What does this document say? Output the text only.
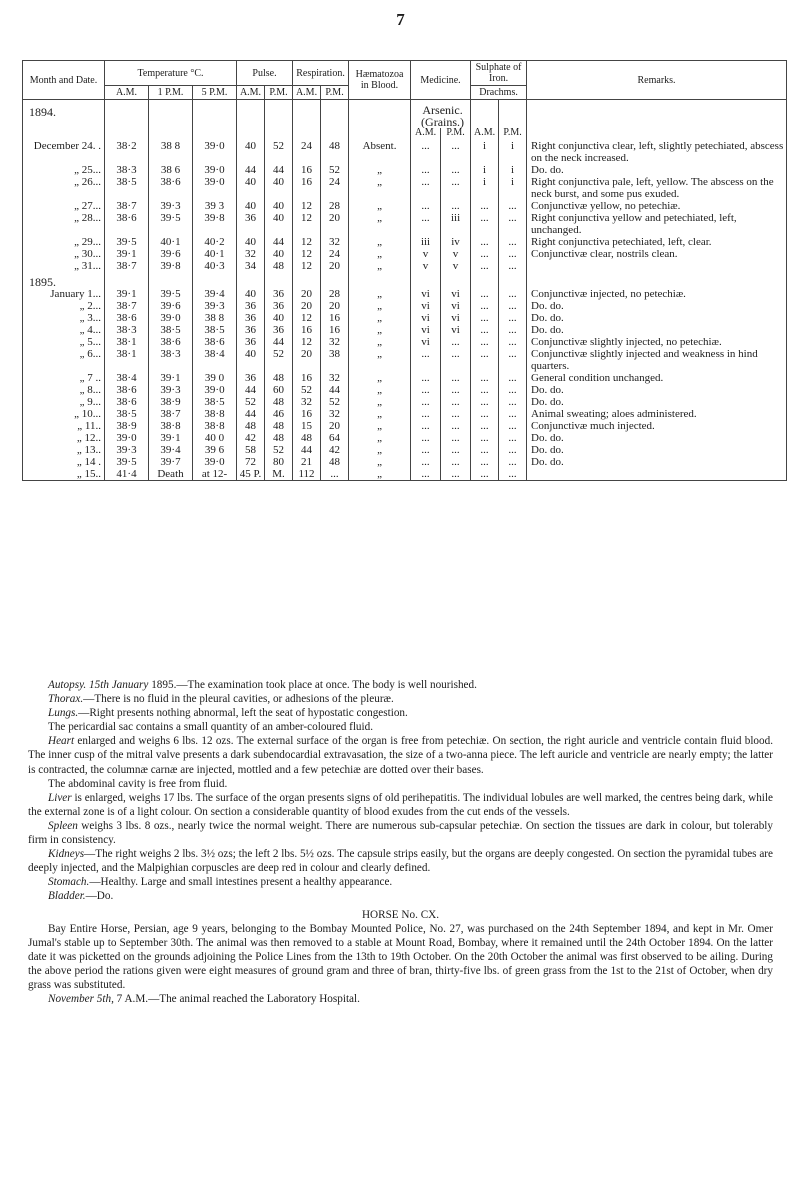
7
Month and Date.	Temperature °C.			Pulse.		Respiration.		Hæmatozoa in Blood.	Medicine.		Sulphate of Iron.		Remarks.
	A.M.	1 P.M.	5 P.M.	A.M.	P.M.	A.M.	P.M.				Drachms.		
1894.									Arsenic. (Grains.)				
									A.M.	P.M.	A.M.	P.M.	
December 24. .	38·2	38 8	39·0	40	52	24	48	Absent.	...	...	i	i	Right conjunctiva clear, left, slightly petechiated, abscess on the neck increased.
„ 25...	38·3	38 6	39·0	44	44	16	52	„	...	...	i	i	Do. do.
„ 26...	38·5	38·6	39·0	40	40	16	24	„	...	...	i	i	Right conjunctiva pale, left, yellow. The abscess on the neck burst, and some pus exuded.
„ 27...	38·7	39·3	39 3	40	40	12	28	„	...	...	...	...	Conjunctivæ yellow, no petechiæ.
„ 28...	38·6	39·5	39·8	36	40	12	20	„	...	iii	...	...	Right conjunctiva yellow and petechiated, left, unchanged.
„ 29...	39·5	40·1	40·2	40	44	12	32	„	iii	iv	...	...	Right conjunctiva petechiated, left, clear.
„ 30...	39·1	39·6	40·1	32	40	12	24	„	v	v	...	...	Conjunctivæ clear, nostrils clean.
„ 31...	38·7	39·8	40·3	34	48	12	20	„	v	v	...	...	
1895.													
January 1...	39·1	39·5	39·4	40	36	20	28	„	vi	vi	...	...	Conjunctivæ injected, no petechiæ.
„ 2...	38·7	39·6	39·3	36	36	20	20	„	vi	vi	...	...	Do. do.
„ 3...	38·6	39·0	38 8	36	40	12	16	„	vi	vi	...	...	Do. do.
„ 4...	38·3	38·5	38·5	36	36	16	16	„	vi	vi	...	...	Do. do.
„ 5...	38·1	38·6	38·6	36	44	12	32	„	vi	...	...	...	Conjunctivæ slightly injected, no petechiæ.
„ 6...	38·1	38·3	38·4	40	52	20	38	„	...	...	...	...	Conjunctivæ slightly injected and weakness in hind quarters.
„ 7 ..	38·4	39·1	39 0	36	48	16	32	„	...	...	...	...	General condition unchanged.
„ 8...	38·6	39·3	39·0	44	60	52	44	„	...	...	...	...	Do. do.
„ 9...	38·6	38·9	38·5	52	48	32	52	„	...	...	...	...	Do. do.
„ 10...	38·5	38·7	38·8	44	46	16	32	„	...	...	...	...	Animal sweating; aloes administered.
„ 11..	38·9	38·8	38·8	48	48	15	20	„	...	...	...	...	Conjunctivæ much injected.
„ 12..	39·0	39·1	40 0	42	48	48	64	„	...	...	...	...	Do. do.
„ 13..	39·3	39·4	39 6	58	52	44	42	„	...	...	...	...	Do. do.
„ 14 .	39·5	39·7	39·0	72	80	21	48	„	...	...	...	...	Do. do.
„ 15..	41·4	Death	at 12-	45 P.	M.	112	...	„	...	...	...	...	

Autopsy. 15th January 1895.—The examination took place at once. The body is well nourished.

Thorax.—There is no fluid in the pleural cavities, or adhesions of the pleuræ.

Lungs.—Right presents nothing abnormal, left the seat of hypostatic congestion.

The pericardial sac contains a small quantity of an amber-coloured fluid.

Heart enlarged and weighs 6 lbs. 12 ozs. The external surface of the organ is free from petechiæ. On section, the right auricle and ventricle contain fluid blood. The inner cusp of the mitral valve presents a dark subendocardial extravasation, the size of a two-anna piece. The left auricle and ventricle are nearly empty; the latter is contracted, the columnæ carnæ are injected, mottled and a few petechiæ are dotted over their bases.

The abdominal cavity is free from fluid.

Liver is enlarged, weighs 17 lbs. The surface of the organ presents signs of old perihepatitis. The individual lobules are well marked, the centres being dark, while the external zone is of a light colour. On section a considerable quantity of blood exudes from the cut ends of the vessels.

Spleen weighs 3 lbs. 8 ozs., nearly twice the normal weight. There are numerous sub-capsular petechiæ. On section the tissues are dark in colour, but tolerably firm in consistency.

Kidneys—The right weighs 2 lbs. 3½ ozs; the left 2 lbs. 5½ ozs. The capsule strips easily, but the organs are deeply congested. On section the pyramidal tubes are deeply injected, and the Malpighian corpuscles are deep red in colour and clearly defined.

Stomach.—Healthy. Large and small intestines present a healthy appearance.

Bladder.—Do.

HORSE No. CX.

Bay Entire Horse, Persian, age 9 years, belonging to the Bombay Mounted Police, No. 27, was purchased on the 24th September 1894, and kept in Mr. Omer Jumal's stable up to September 30th. The animal was then removed to a stable at Mount Road, Bombay, where it remained until the 24th October 1894. On the latter date it was picketted on the grounds adjoining the Police Lines from the 13th to 19th October. On the 20th October the animal was first observed to be ailing. During the above period the rations given were eight measures of ground gram and three of bran, thirty-five lbs. of green grass from the 1st to the 21st of October, when dry grass was substituted.

November 5th, 7 A.M.—The animal reached the Laboratory Hospital.
